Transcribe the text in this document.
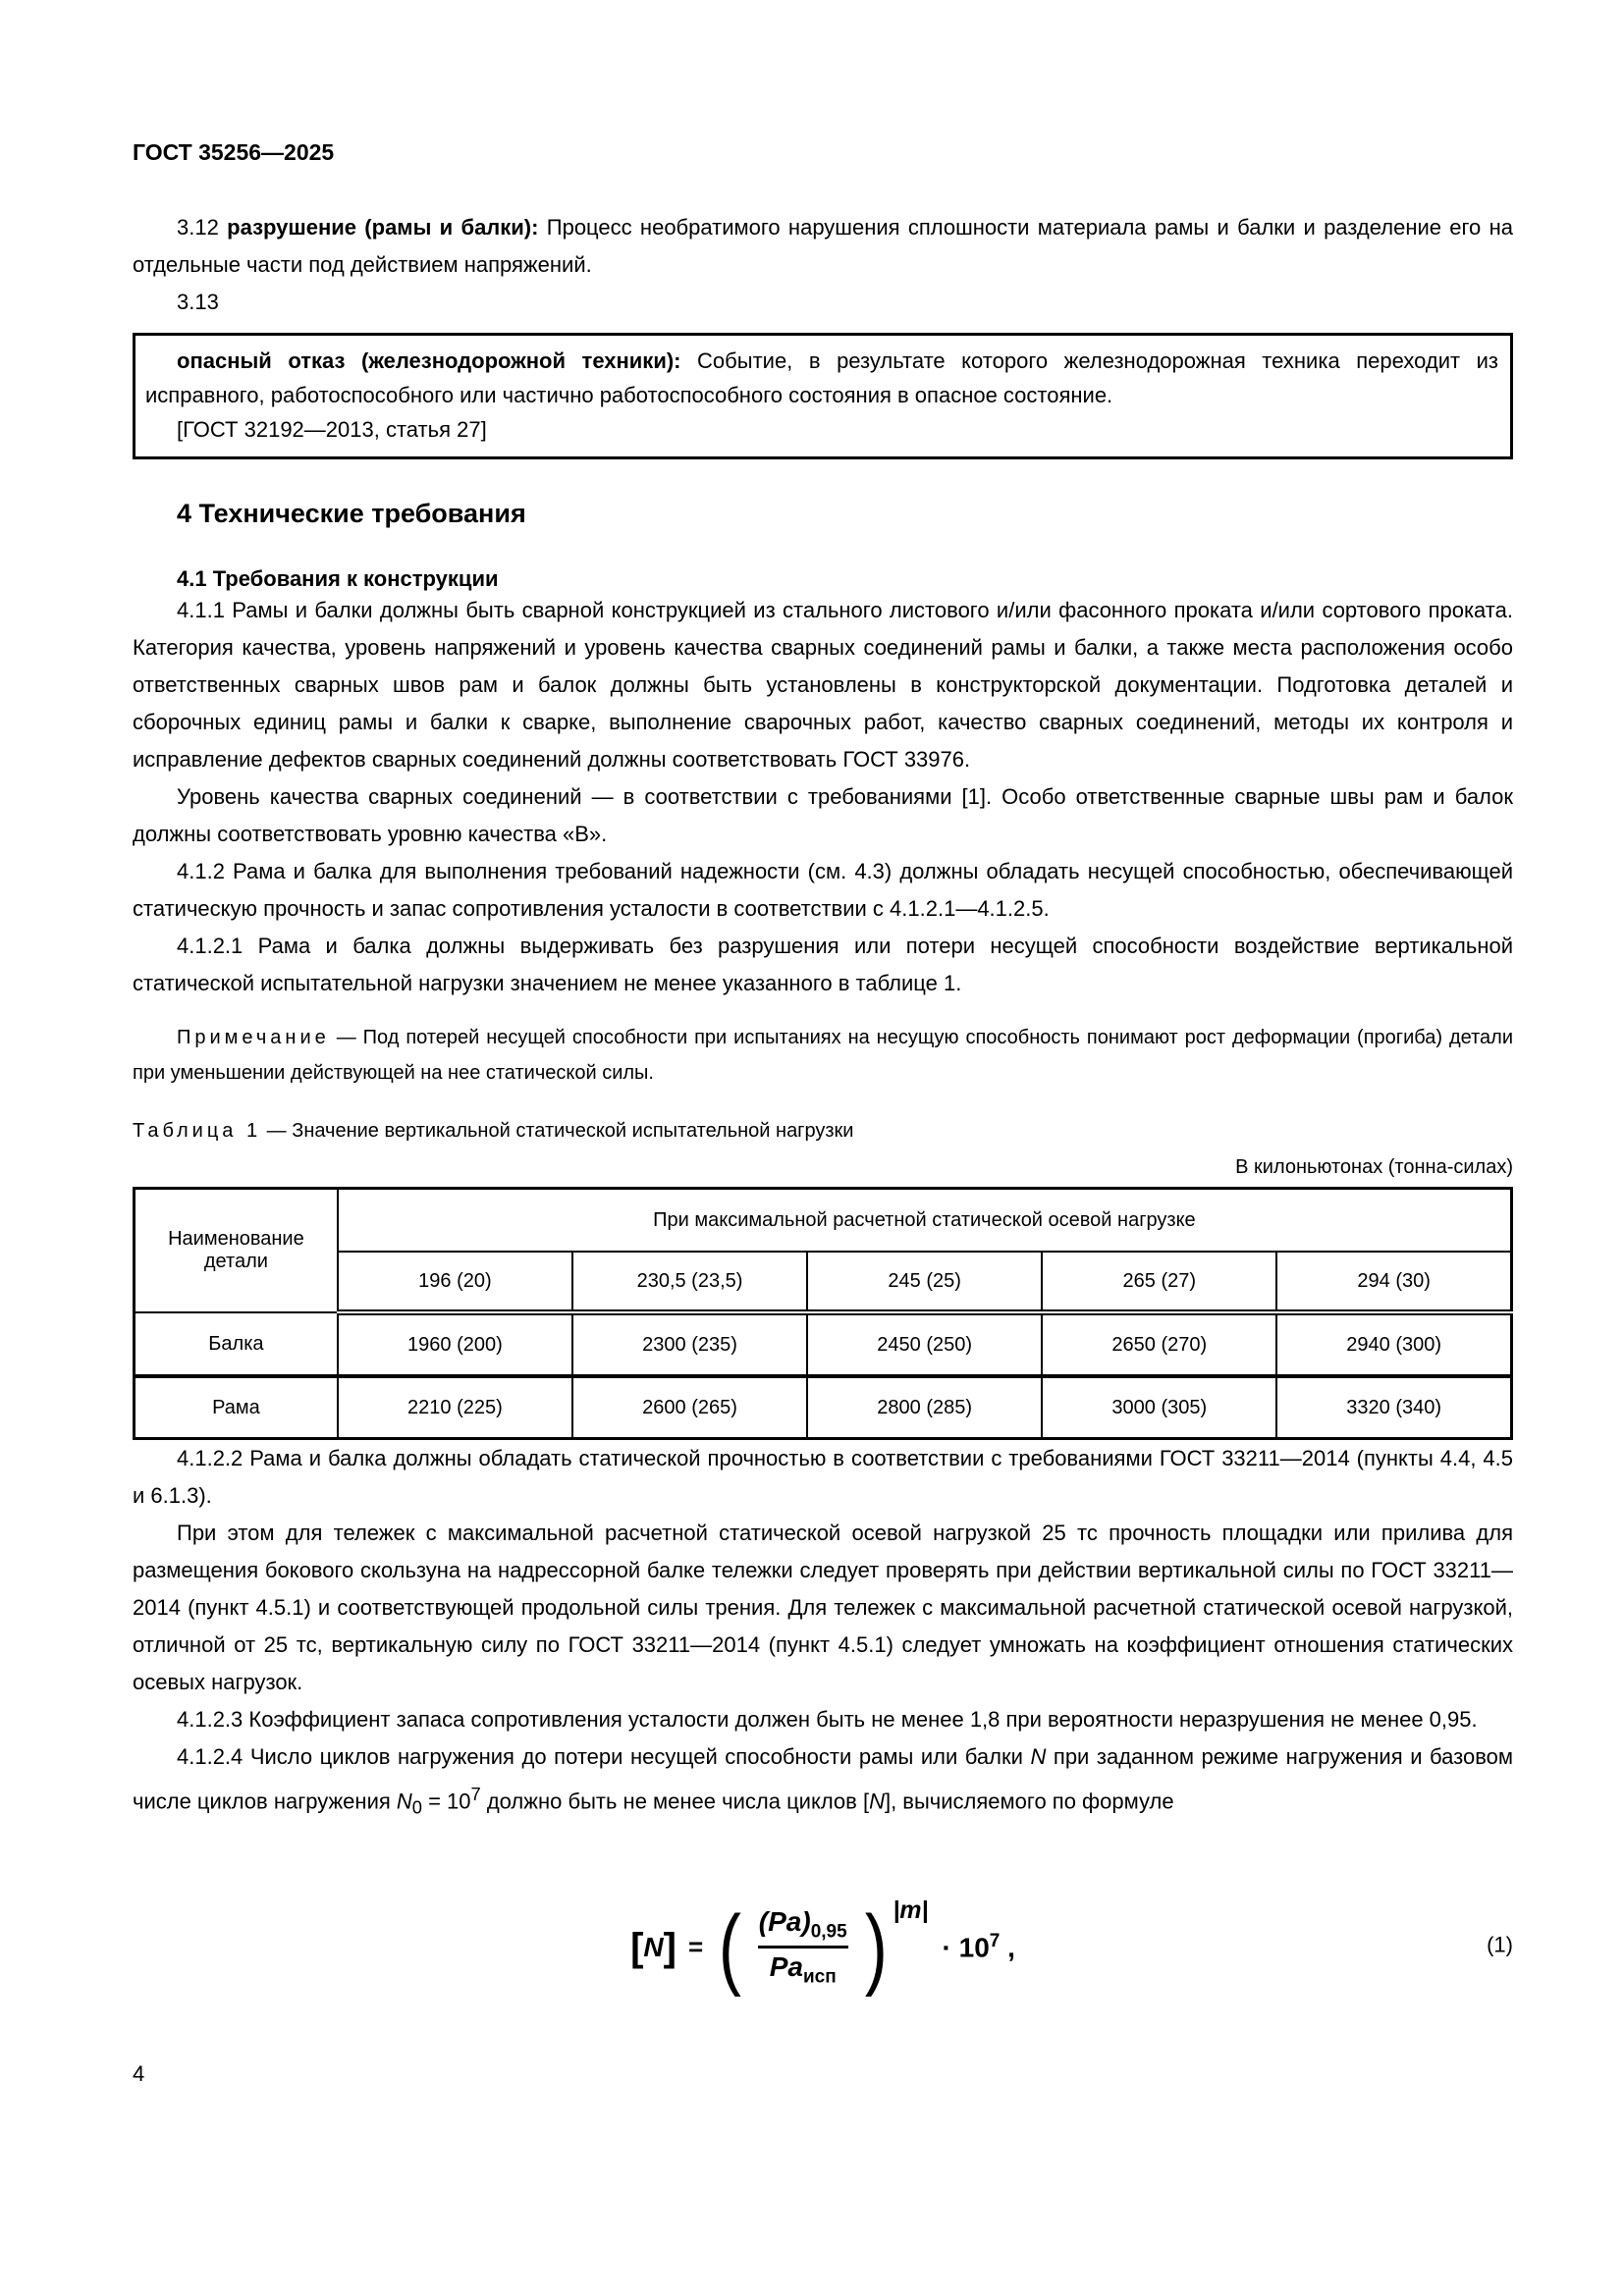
ГОСТ 35256—2025

3.12 разрушение (рамы и балки): Процесс необратимого нарушения сплошности материала рамы и балки и разделение его на отдельные части под действием напряжений.

3.13

опасный отказ (железнодорожной техники): Событие, в результате которого железнодорожная техника переходит из исправного, работоспособного или частично работоспособного состояния в опасное состояние.

[ГОСТ 32192—2013, статья 27]

4 Технические требования
4.1 Требования к конструкции

4.1.1 Рамы и балки должны быть сварной конструкцией из стального листового и/или фасонного проката и/или сортового проката. Категория качества, уровень напряжений и уровень качества сварных соединений рамы и балки, а также места расположения особо ответственных сварных швов рам и балок должны быть установлены в конструкторской документации. Подготовка деталей и сборочных единиц рамы и балки к сварке, выполнение сварочных работ, качество сварных соединений, методы их контроля и исправление дефектов сварных соединений должны соответствовать ГОСТ 33976.

Уровень качества сварных соединений — в соответствии с требованиями [1]. Особо ответственные сварные швы рам и балок должны соответствовать уровню качества «В».

4.1.2 Рама и балка для выполнения требований надежности (см. 4.3) должны обладать несущей способностью, обеспечивающей статическую прочность и запас сопротивления усталости в соответствии с 4.1.2.1—4.1.2.5.

4.1.2.1 Рама и балка должны выдерживать без разрушения или потери несущей способности воздействие вертикальной статической испытательной нагрузки значением не менее указанного в таблице 1.

Примечание — Под потерей несущей способности при испытаниях на несущую способность понимают рост деформации (прогиба) детали при уменьшении действующей на нее статической силы.

Таблица 1 — Значение вертикальной статической испытательной нагрузки

В килоньютонах (тонна-силах)

Наименование детали	При максимальной расчетной статической осевой нагрузке				
	196 (20)	230,5 (23,5)	245 (25)	265 (27)	294 (30)
Балка	1960 (200)	2300 (235)	2450 (250)	2650 (270)	2940 (300)
Рама	2210 (225)	2600 (265)	2800 (285)	3000 (305)	3320 (340)

4.1.2.2 Рама и балка должны обладать статической прочностью в соответствии с требованиями ГОСТ 33211—2014 (пункты 4.4, 4.5 и 6.1.3).

При этом для тележек с максимальной расчетной статической осевой нагрузкой 25 тс прочность площадки или прилива для размещения бокового скользуна на надрессорной балке тележки следует проверять при действии вертикальной силы по ГОСТ 33211—2014 (пункт 4.5.1) и соответствующей продольной силы трения. Для тележек с максимальной расчетной статической осевой нагрузкой, отличной от 25 тс, вертикальную силу по ГОСТ 33211—2014 (пункт 4.5.1) следует умножать на коэффициент отношения статических осевых нагрузок.

4.1.2.3 Коэффициент запаса сопротивления усталости должен быть не менее 1,8 при вероятности неразрушения не менее 0,95.

4.1.2.4 Число циклов нагружения до потери несущей способности рамы или балки N при заданном режиме нагружения и базовом числе циклов нагружения $N_0 = 10^7$ должно быть не менее числа циклов [N], вычисляемого по формуле

[ N ] = ( $\frac{(Pa)_{0,95}}{Pa_{исп}}$ ) |m|
· $10^7$ ,	(1)
4
